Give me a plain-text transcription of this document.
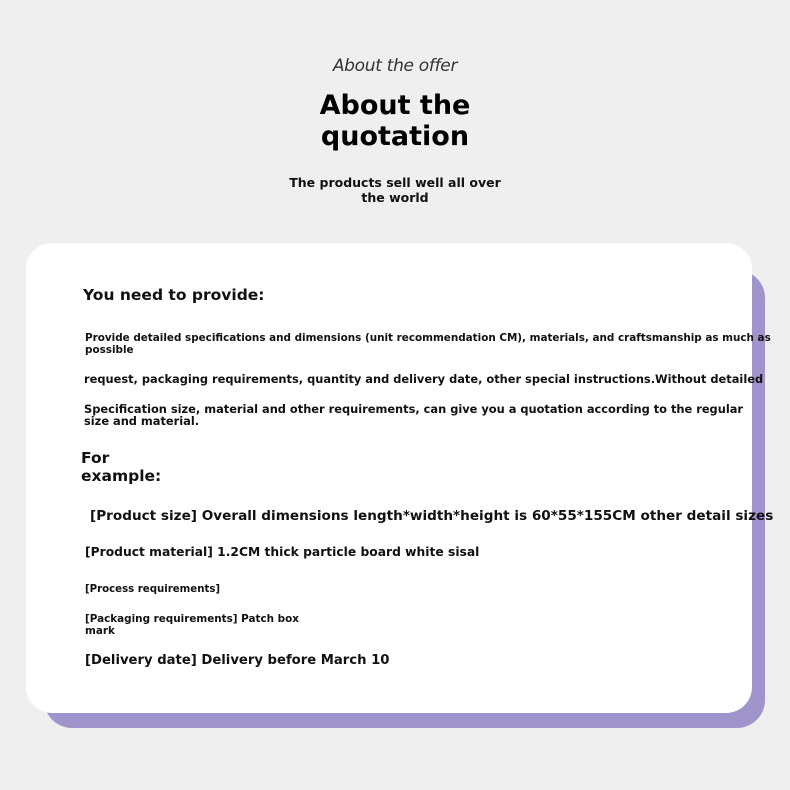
About the offer
About the
quotation
The products sell well all over
the world
You need to provide:
Provide detailed specifications and dimensions (unit recommendation CM), materials, and craftsmanship as much as
possible
request, packaging requirements, quantity and delivery date, other special instructions.Without detailed
Specification size, material and other requirements, can give you a quotation according to the regular
size and material.
For
example:
[Product size] Overall dimensions length*width*height is 60*55*155CM other detail sizes
[Product material] 1.2CM thick particle board white sisal
[Process requirements]
[Packaging requirements] Patch box
mark
[Delivery date] Delivery before March 10
